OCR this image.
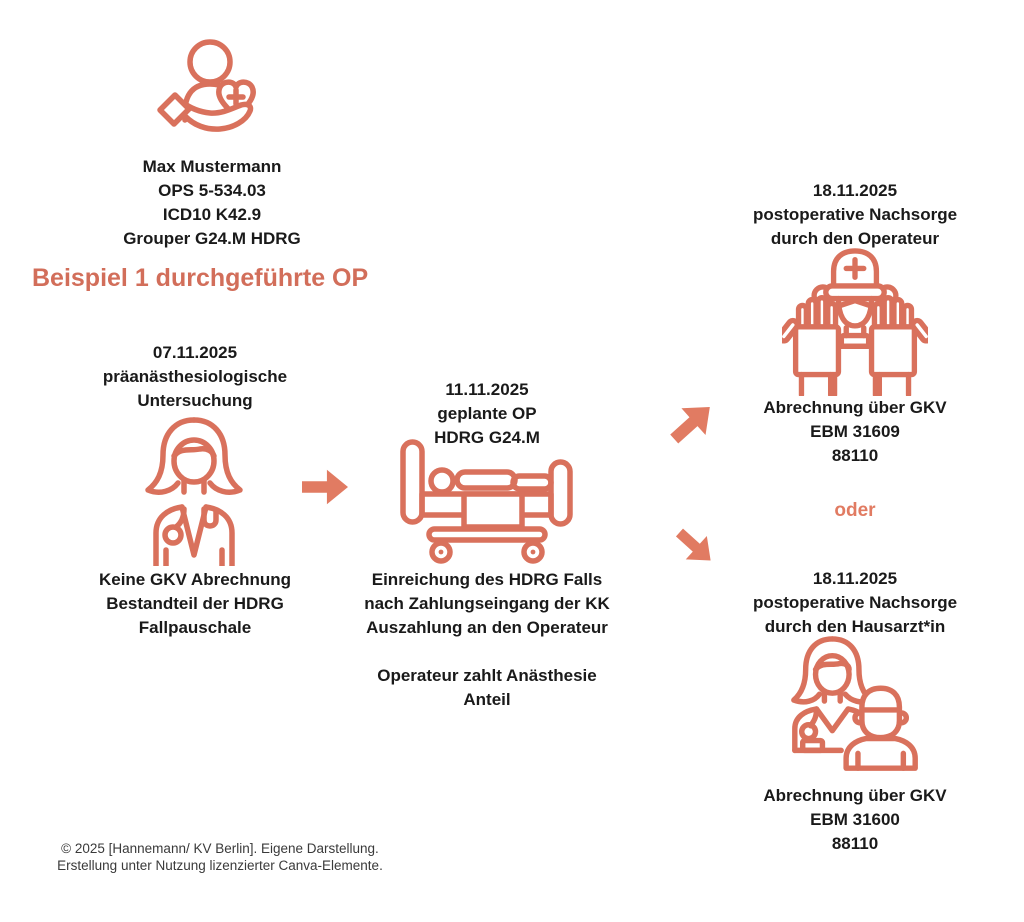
Max Mustermann
OPS 5-534.03
ICD10 K42.9
Grouper G24.M HDRG
Beispiel 1 durchgeführte OP
07.11.2025
präanästhesiologische
Untersuchung
Keine GKV Abrechnung
Bestandteil der HDRG
Fallpauschale
11.11.2025
geplante OP
HDRG G24.M
Einreichung des HDRG Falls
nach Zahlungseingang der KK
Auszahlung an den Operateur
Operateur zahlt Anästhesie
Anteil
18.11.2025
postoperative Nachsorge
durch den Operateur
Abrechnung über GKV
EBM 31609
88110
oder
18.11.2025
postoperative Nachsorge
durch den Hausarzt*in
Abrechnung über GKV
EBM 31600
88110
© 2025 [Hannemann/ KV Berlin]. Eigene Darstellung.
Erstellung unter Nutzung lizenzierter Canva-Elemente.
